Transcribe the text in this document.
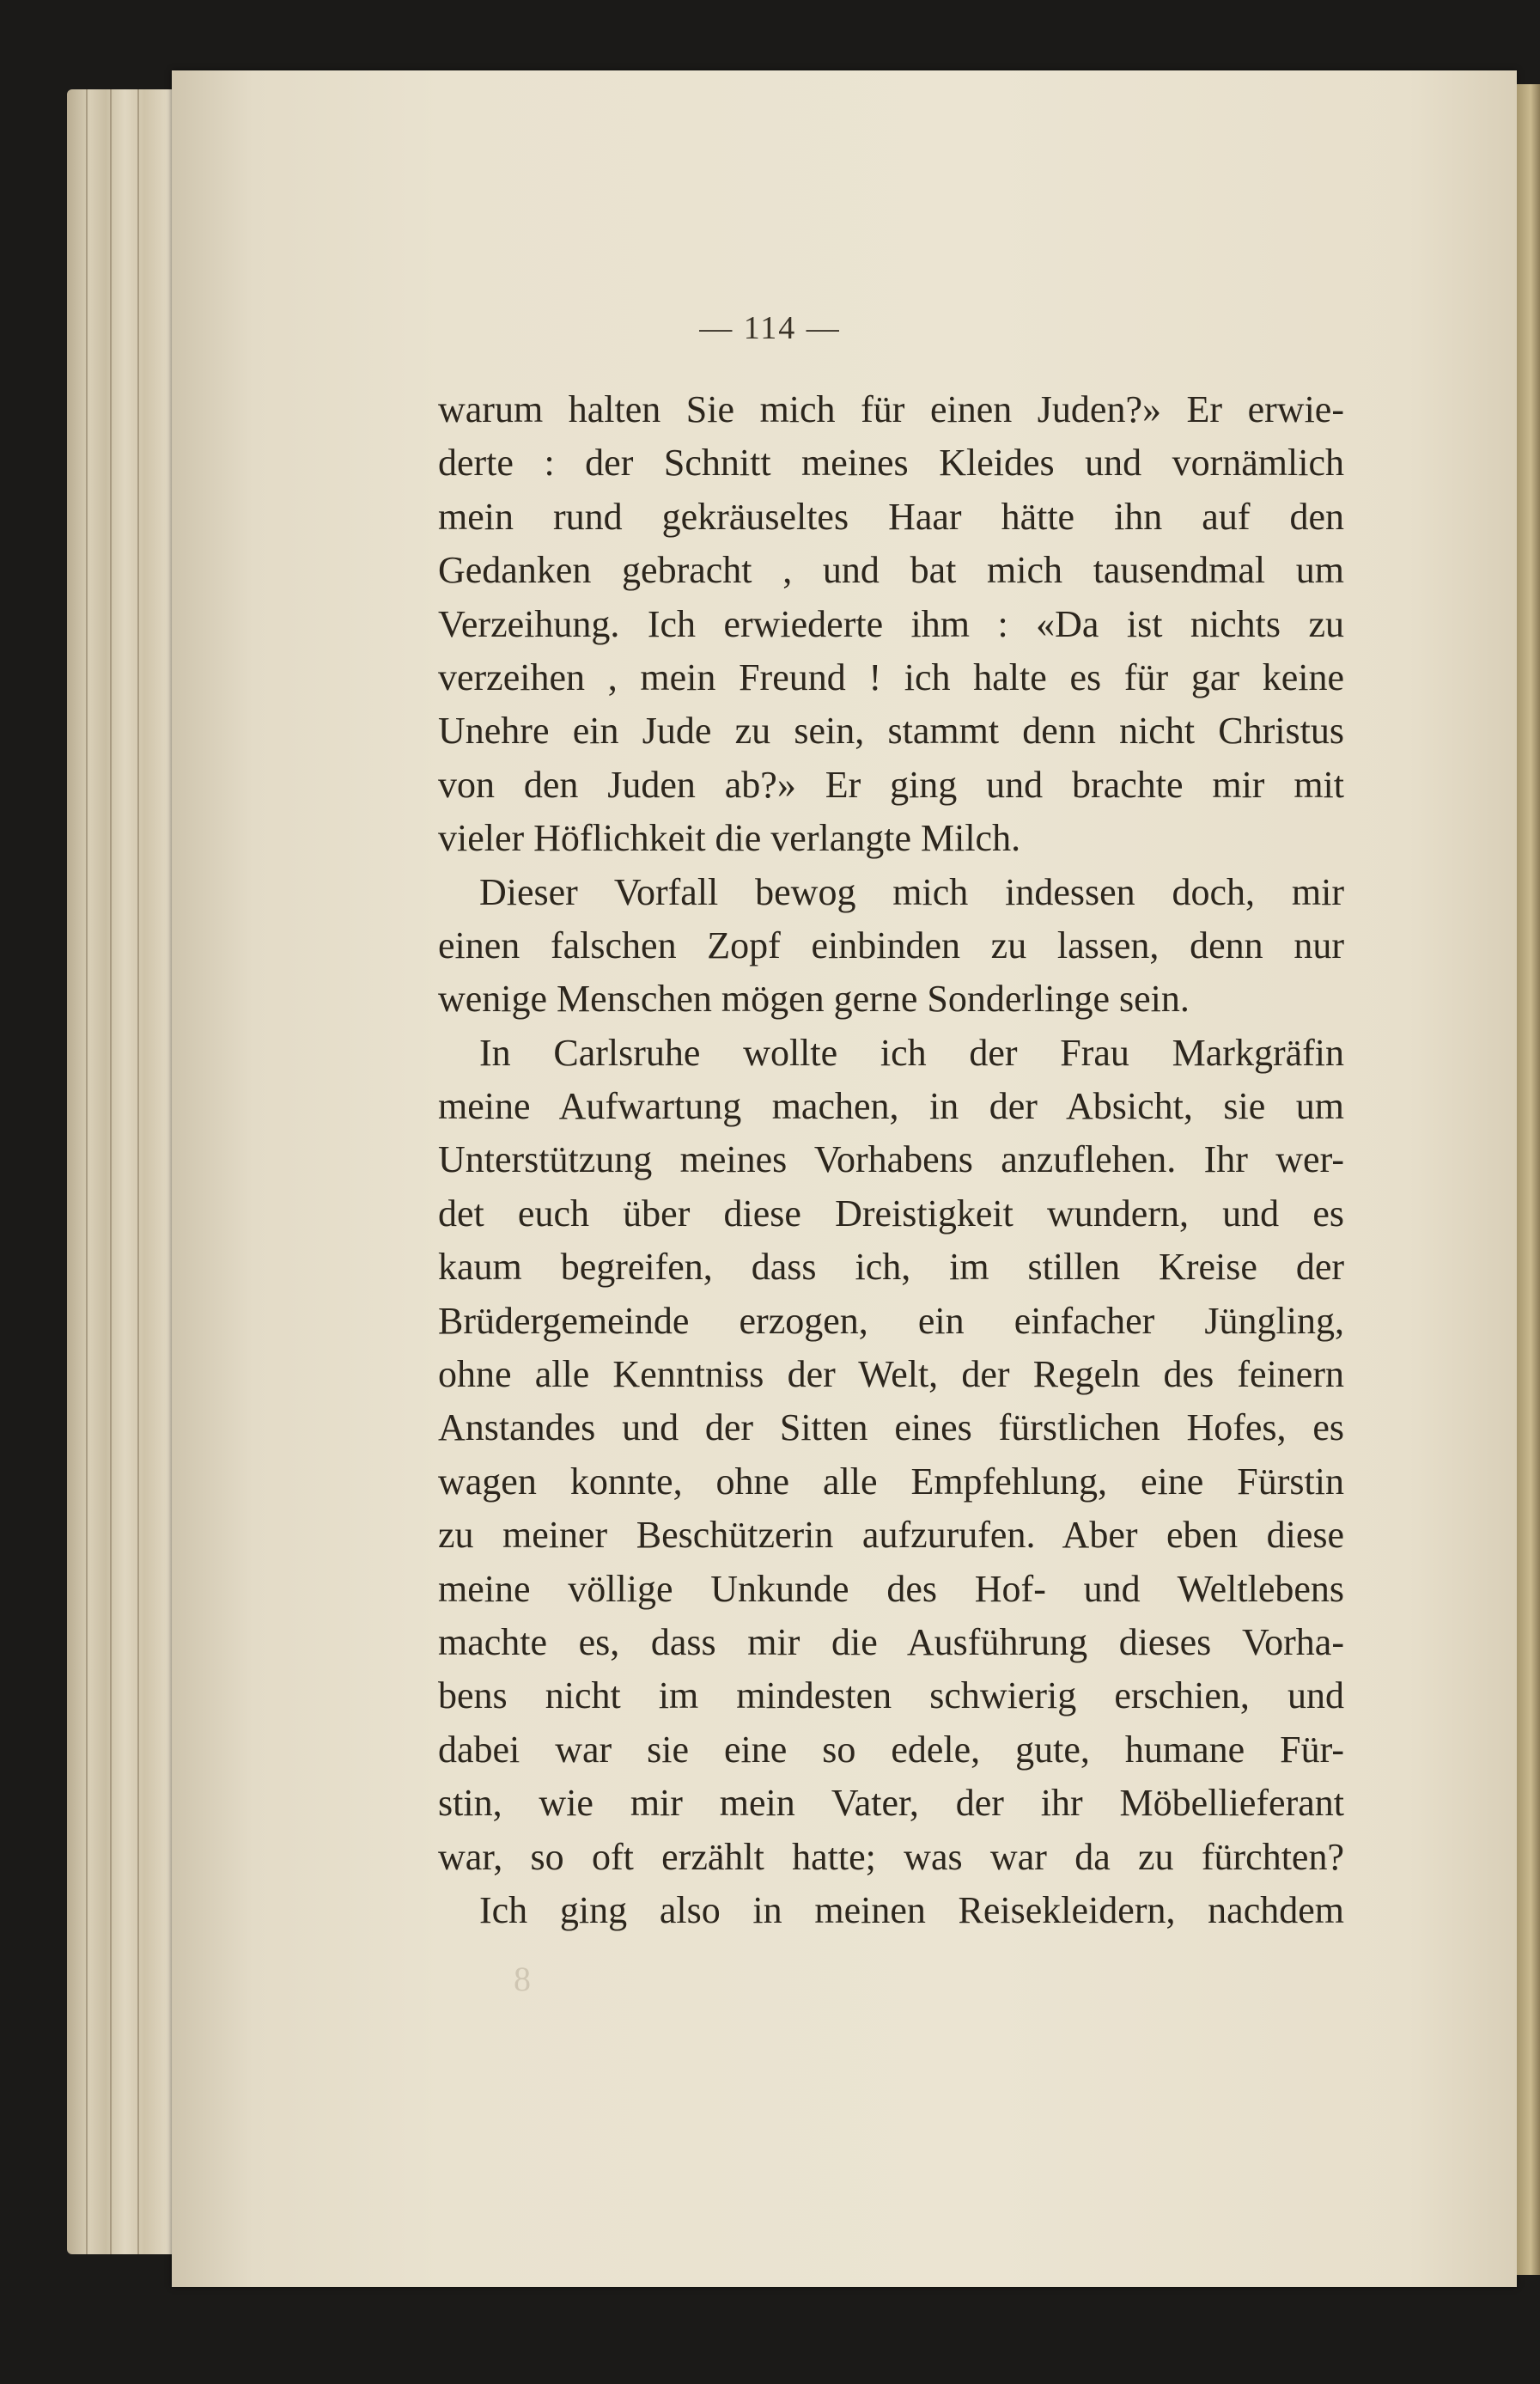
— 114 —
warum halten Sie mich für einen Juden?» Er erwie-
derte : der Schnitt meines Kleides und vornämlich
mein rund gekräuseltes Haar hätte ihn auf den
Gedanken gebracht , und bat mich tausendmal um
Verzeihung. Ich erwiederte ihm : «Da ist nichts zu
verzeihen , mein Freund ! ich halte es für gar keine
Unehre ein Jude zu sein, stammt denn nicht Christus
von den Juden ab?» Er ging und brachte mir mit
vieler Höflichkeit die verlangte Milch.
Dieser Vorfall bewog mich indessen doch, mir
einen falschen Zopf einbinden zu lassen, denn nur
wenige Menschen mögen gerne Sonderlinge sein.
In Carlsruhe wollte ich der Frau Markgräfin
meine Aufwartung machen, in der Absicht, sie um
Unterstützung meines Vorhabens anzuflehen. Ihr wer-
det euch über diese Dreistigkeit wundern, und es
kaum begreifen, dass ich, im stillen Kreise der
Brüdergemeinde erzogen, ein einfacher Jüngling,
ohne alle Kenntniss der Welt, der Regeln des feinern
Anstandes und der Sitten eines fürstlichen Hofes, es
wagen konnte, ohne alle Empfehlung, eine Fürstin
zu meiner Beschützerin aufzurufen. Aber eben diese
meine völlige Unkunde des Hof- und Weltlebens
machte es, dass mir die Ausführung dieses Vorha-
bens nicht im mindesten schwierig erschien, und
dabei war sie eine so edele, gute, humane Für-
stin, wie mir mein Vater, der ihr Möbellieferant
war, so oft erzählt hatte; was war da zu fürchten?
Ich ging also in meinen Reisekleidern, nachdem
8
